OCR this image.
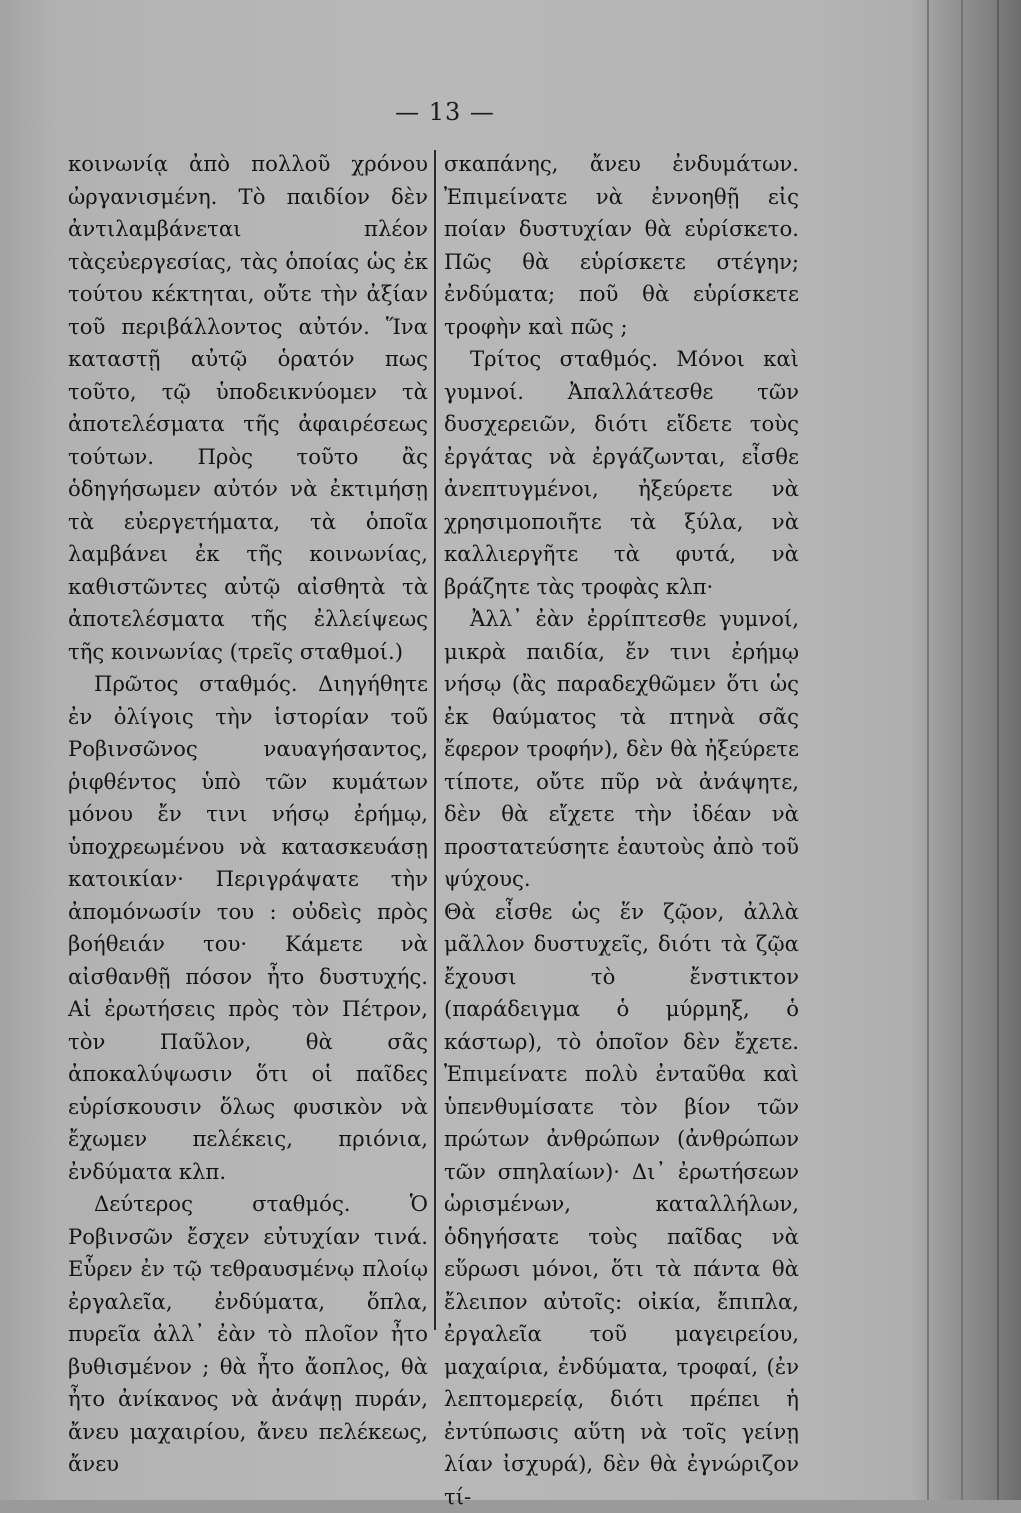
— 13 —

κοινωνίᾳ ἀπὸ πολλοῦ χρόνου ὠργανισμένη. Τὸ παιδίον δὲν ἀντιλαμβάνεται πλέον τὰςεὐεργεσίας, τὰς ὁποίας ὡς ἐκ τούτου κέκτηται, οὔτε τὴν ἀξίαν τοῦ περιβάλλοντος αὐτόν. Ἵνα καταστῇ αὐτῷ ὁρατόν πως τοῦτο, τῷ ὑποδεικνύομεν τὰ ἀποτελέσματα τῆς ἀφαιρέσεως τούτων. Πρὸς τοῦτο ἂς ὁδηγήσωμεν αὐτόν νὰ ἐκτιμήσῃ τὰ εὐεργετήματα, τὰ ὁποῖα λαμβάνει ἐκ τῆς κοινωνίας, καθιστῶντες αὐτῷ αἰσθητὰ τὰ ἀποτελέσματα τῆς ἐλλείψεως τῆς κοινωνίας (τρεῖς σταθμοί.)

Πρῶτος σταθμός. Διηγήθητε ἐν ὀλίγοις τὴν ἱστορίαν τοῦ Ροβινσῶνος ναυαγήσαντος, ῥιφθέντος ὑπὸ τῶν κυμάτων μόνου ἔν τινι νήσῳ ἐρήμῳ, ὑποχρεωμένου νὰ κατασκευάσῃ κατοικίαν· Περιγράψατε τὴν ἀπομόνωσίν του : οὐδεὶς πρὸς βοήθειάν του· Κάμετε νὰ αἰσθανθῇ πόσον ἦτο δυστυχής. Αἱ ἐρωτήσεις πρὸς τὸν Πέτρον, τὸν Παῦλον, θὰ σᾶς ἀποκαλύψωσιν ὅτι οἱ παῖδες εὑρίσκουσιν ὅλως φυσικὸν νὰ ἔχωμεν πελέκεις, πριόνια, ἐνδύματα κλπ.

Δεύτερος σταθμός. Ὁ Ροβινσῶν ἔσχεν εὐτυχίαν τινά. Εὗρεν ἐν τῷ τεθραυσμένῳ πλοίῳ ἐργαλεῖα, ἐνδύματα, ὅπλα, πυρεῖα ἀλλ᾽ ἐὰν τὸ πλοῖον ἦτο βυθισμένον ; θὰ ἦτο ἄοπλος, θὰ ἦτο ἀνίκανος νὰ ἀνάψῃ πυράν, ἄνευ μαχαιρίου, ἄνευ πελέκεως, ἄνευ

σκαπάνης, ἄνευ ἐνδυμάτων. Ἐπιμείνατε νὰ ἐννοηθῇ εἰς ποίαν δυστυχίαν θὰ εὑρίσκετο. Πῶς θὰ εὑρίσκετε στέγην; ἐνδύματα; ποῦ θὰ εὑρίσκετε τροφὴν καὶ πῶς ;

Τρίτος σταθμός. Μόνοι καὶ γυμνοί. Ἀπαλλάτεσθε τῶν δυσχερειῶν, διότι εἴδετε τοὺς ἐργάτας νὰ ἐργάζωνται, εἶσθε ἀνεπτυγμένοι, ἠξεύρετε νὰ χρησιμοποιῆτε τὰ ξύλα, νὰ καλλιεργῆτε τὰ φυτά, νὰ βράζητε τὰς τροφὰς κλπ·

Ἀλλ᾽ ἐὰν ἐρρίπτεσθε γυμνοί, μικρὰ παιδία, ἔν τινι ἐρήμῳ νήσῳ (ἂς παραδεχθῶμεν ὅτι ὡς ἐκ θαύματος τὰ πτηνὰ σᾶς ἔφερον τροφήν), δὲν θὰ ἠξεύρετε τίποτε, οὔτε πῦρ νὰ ἀνάψητε, δὲν θὰ εἴχετε τὴν ἰδέαν νὰ προστατεύσητε ἑαυτοὺς ἀπὸ τοῦ ψύχους.

Θὰ εἶσθε ὡς ἕν ζῷον, ἀλλὰ μᾶλλον δυστυχεῖς, διότι τὰ ζῷα ἔχουσι τὸ ἔνστικτον (παράδειγμα ὁ μύρμηξ, ὁ κάστωρ), τὸ ὁποῖον δὲν ἔχετε. Ἐπιμείνατε πολὺ ἐνταῦθα καὶ ὑπενθυμίσατε τὸν βίον τῶν πρώτων ἀνθρώπων (ἀνθρώπων τῶν σπηλαίων)· Δι᾽ ἐρωτήσεων ὡρισμένων, καταλλήλων, ὁδηγήσατε τοὺς παῖδας νὰ εὕρωσι μόνοι, ὅτι τὰ πάντα θὰ ἔλειπον αὐτοῖς: οἰκία, ἔπιπλα, ἐργαλεῖα τοῦ μαγειρείου, μαχαίρια, ἐνδύματα, τροφαί, (ἐν λεπτομερείᾳ, διότι πρέπει ἡ ἐντύπωσις αὕτη νὰ τοῖς γείνῃ λίαν ἰσχυρά), δὲν θὰ ἐγνώριζον τί-
